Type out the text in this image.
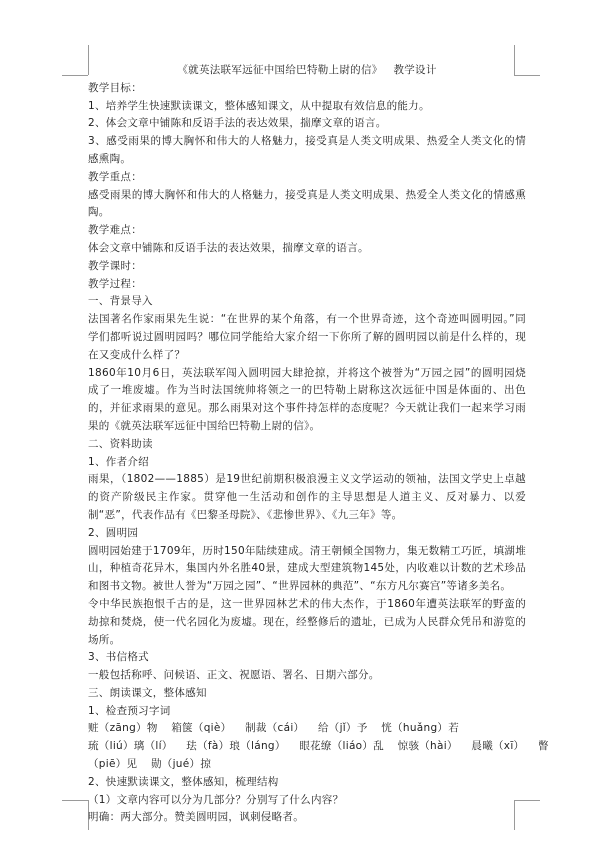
《就英法联军远征中国给巴特勒上尉的信》   教学设计
教学目标：
1、培养学生快速默读课文，整体感知课文，从中提取有效信息的能力。
2、体会文章中铺陈和反语手法的表达效果，揣摩文章的语言。
3、感受雨果的博大胸怀和伟大的人格魅力，接受真是人类文明成果、热爱全人类文化的情感熏陶。
教学重点：
感受雨果的博大胸怀和伟大的人格魅力，接受真是人类文明成果、热爱全人类文化的情感熏陶。
教学难点：
体会文章中铺陈和反语手法的表达效果，揣摩文章的语言。
教学课时：
教学过程：
一、背景导入
法国著名作家雨果先生说：“在世界的某个角落，有一个世界奇迹，这个奇迹叫圆明园。”同学们都听说过圆明园吗？哪位同学能给大家介绍一下你所了解的圆明园以前是什么样的，现在又变成什么样了？
1860年10月6日，英法联军闯入圆明园大肆抢掠，并将这个被誉为“万园之园”的圆明园烧成了一堆废墟。作为当时法国统帅将领之一的巴特勒上尉称这次远征中国是体面的、出色的，并征求雨果的意见。那么雨果对这个事件持怎样的态度呢？今天就让我们一起来学习雨果的《就英法联军远征中国给巴特勒上尉的信》。
二、资料助读
1、作者介绍
雨果，（1802——1885）是19世纪前期积极浪漫主义文学运动的领袖，法国文学史上卓越的资产阶级民主作家。贯穿他一生活动和创作的主导思想是人道主义、反对暴力、以爱制“恶”，代表作品有《巴黎圣母院》、《悲惨世界》、《九三年》等。
2、圆明园
圆明园始建于1709年，历时150年陆续建成。清王朝倾全国物力，集无数精工巧匠，填湖堆山，种植奇花异木，集国内外名胜40景，建成大型建筑物145处，内收难以计数的艺术珍品和图书文物。被世人誉为“万园之园”、“世界园林的典范”、“东方凡尔赛宫”等诸多美名。
令中华民族抱恨千古的是，这一世界园林艺术的伟大杰作，于1860年遭英法联军的野蛮的劫掠和焚烧，使一代名园化为废墟。现在，经整修后的遗址，已成为人民群众凭吊和游览的场所。
3、书信格式
一般包括称呼、问候语、正文、祝愿语、署名、日期六部分。
三、朗读课文，整体感知
1、检查预习字词
赃（zāng）物 箱箧（qiè） 制裁（cái） 给（jǐ）予 恍（huǎng）若
琉（liú）璃（lí） 珐（fà）琅（láng） 眼花缭（liáo）乱 惊骇（hài） 晨曦（xī） 瞥
（piē）见 勋（jué）掠
2、快速默读课文，整体感知，梳理结构
（1）文章内容可以分为几部分？分别写了什么内容？
明确：两大部分。赞美圆明园，讽刺侵略者。
